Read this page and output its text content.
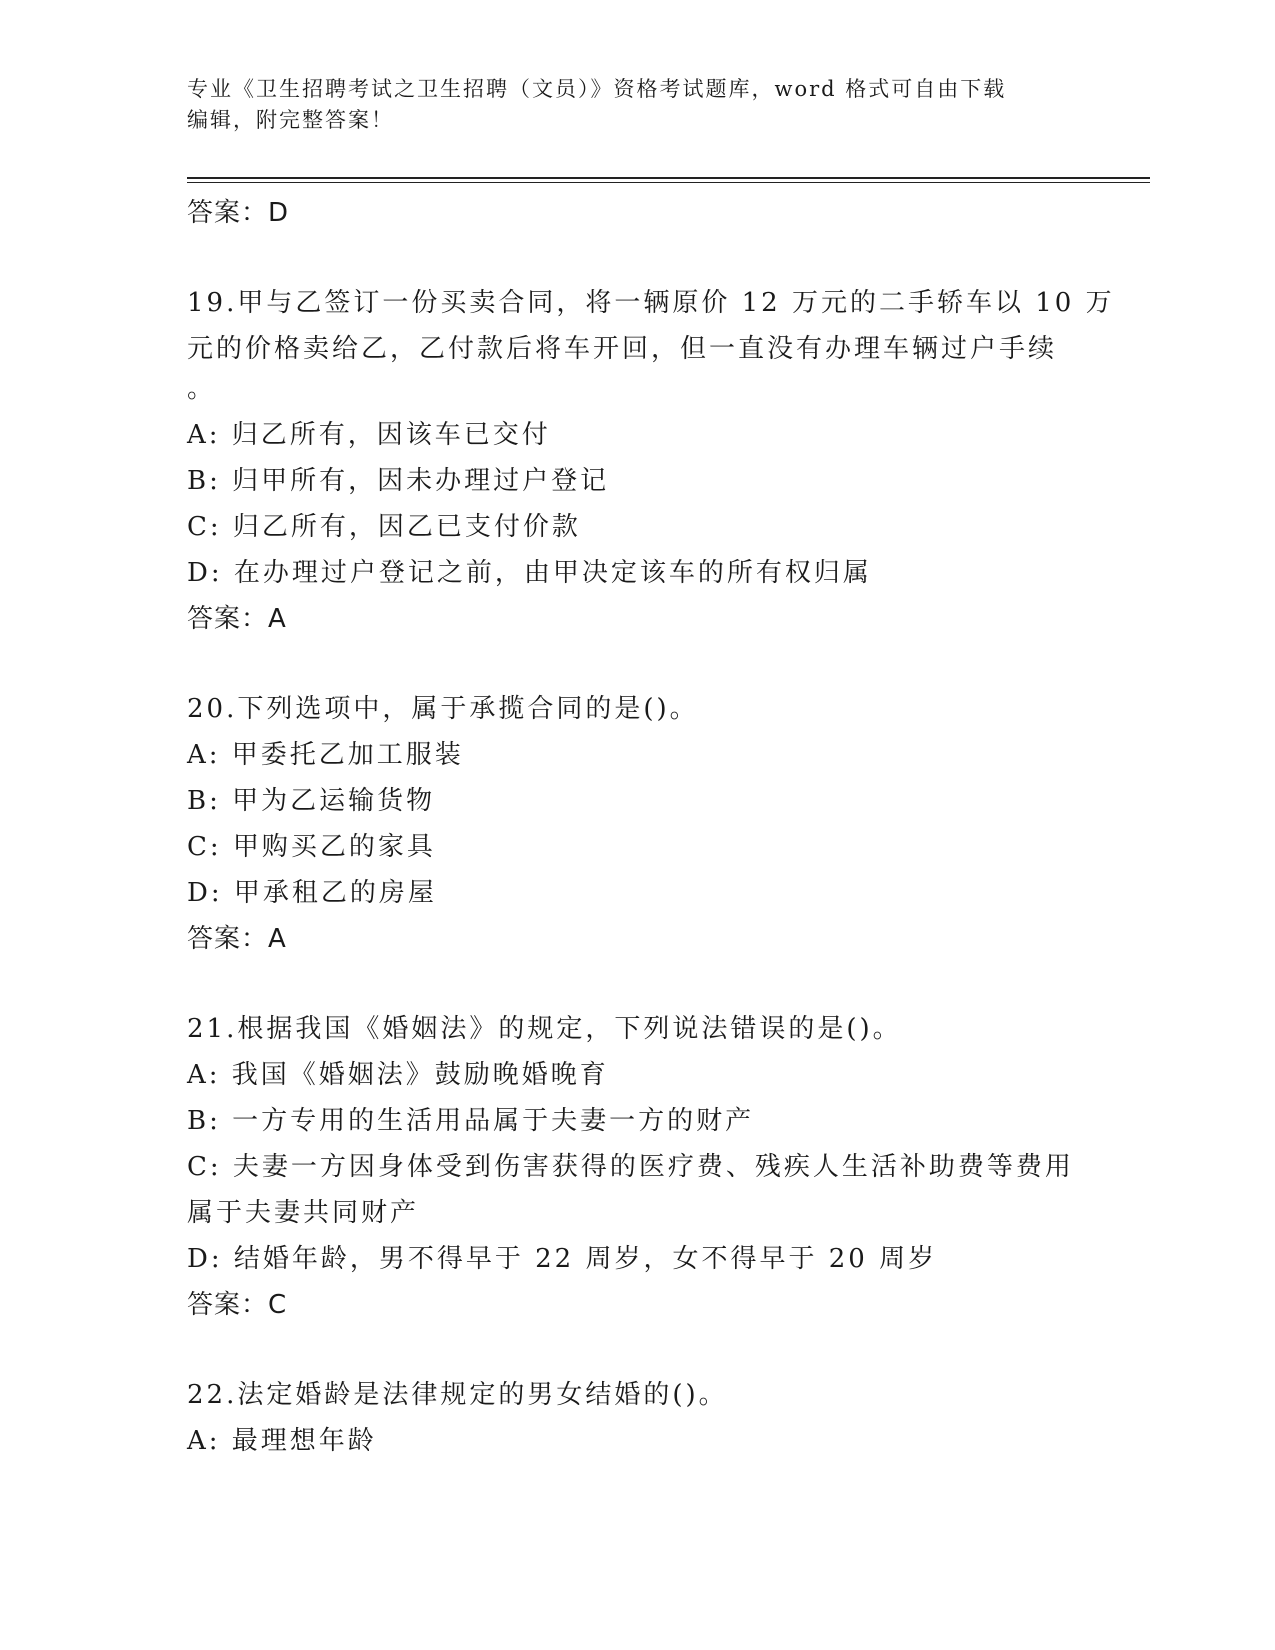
专业《卫生招聘考试之卫生招聘（文员）》资格考试题库，word 格式可自由下载
编辑，附完整答案！
答案：D
19.甲与乙签订一份买卖合同，将一辆原价 12 万元的二手轿车以 10 万
元的价格卖给乙，乙付款后将车开回，但一直没有办理车辆过户手续
。
A: 归乙所有，因该车已交付
B: 归甲所有，因未办理过户登记
C: 归乙所有，因乙已支付价款
D: 在办理过户登记之前，由甲决定该车的所有权归属
答案：A
20.下列选项中，属于承揽合同的是()。
A: 甲委托乙加工服装
B: 甲为乙运输货物
C: 甲购买乙的家具
D: 甲承租乙的房屋
答案：A
21.根据我国《婚姻法》的规定，下列说法错误的是()。
A: 我国《婚姻法》鼓励晚婚晚育
B: 一方专用的生活用品属于夫妻一方的财产
C: 夫妻一方因身体受到伤害获得的医疗费、残疾人生活补助费等费用
属于夫妻共同财产
D: 结婚年龄，男不得早于 22 周岁，女不得早于 20 周岁
答案：C
22.法定婚龄是法律规定的男女结婚的()。
A: 最理想年龄
